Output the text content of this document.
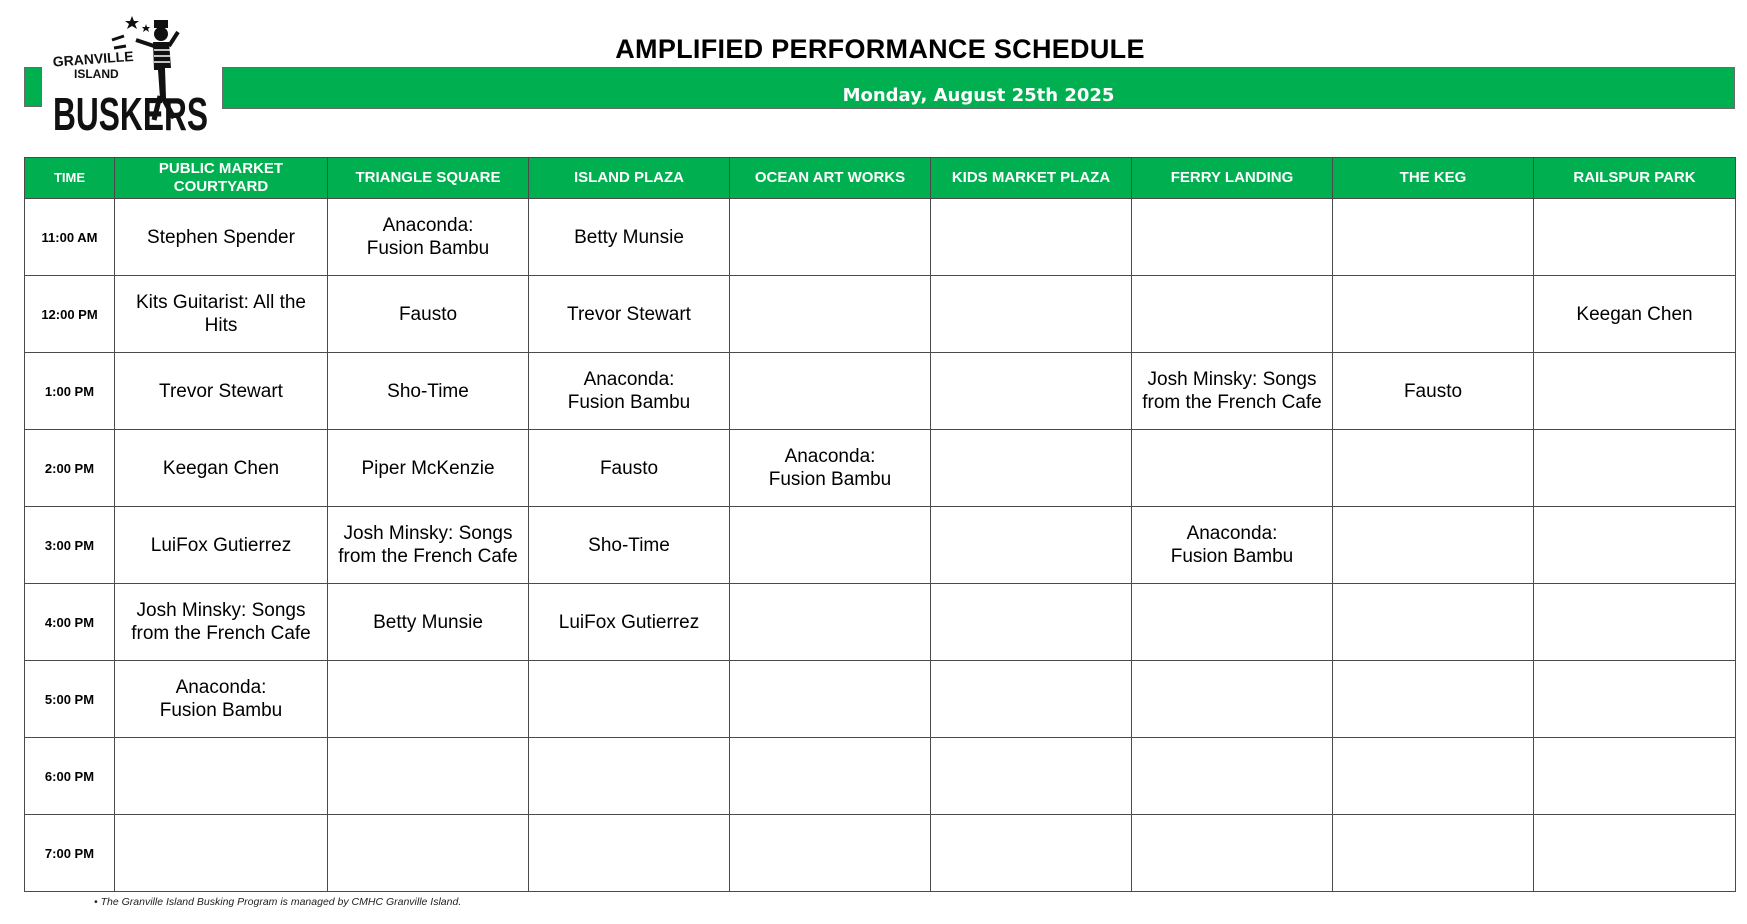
GRANVILLE
ISLAND
BUSKERS
AMPLIFIED PERFORMANCE SCHEDULE
Monday, August 25th 2025
TIME	PUBLIC MARKET COURTYARD	TRIANGLE SQUARE	ISLAND PLAZA	OCEAN ART WORKS	KIDS MARKET PLAZA	FERRY LANDING	THE KEG	RAILSPUR PARK
11:00 AM	Stephen Spender	Anaconda:
Fusion Bambu	Betty Munsie					
12:00 PM	Kits Guitarist: All the Hits	Fausto	Trevor Stewart					Keegan Chen
1:00 PM	Trevor Stewart	Sho-Time	Anaconda:
Fusion Bambu			Josh Minsky: Songs from the French Cafe	Fausto	
2:00 PM	Keegan Chen	Piper McKenzie	Fausto	Anaconda:
Fusion Bambu				
3:00 PM	LuiFox Gutierrez	Josh Minsky: Songs from the French Cafe	Sho-Time			Anaconda:
Fusion Bambu		
4:00 PM	Josh Minsky: Songs from the French Cafe	Betty Munsie	LuiFox Gutierrez					
5:00 PM	Anaconda:
Fusion Bambu							
6:00 PM								
7:00 PM								
• The Granville Island Busking Program is managed by CMHC Granville Island.
